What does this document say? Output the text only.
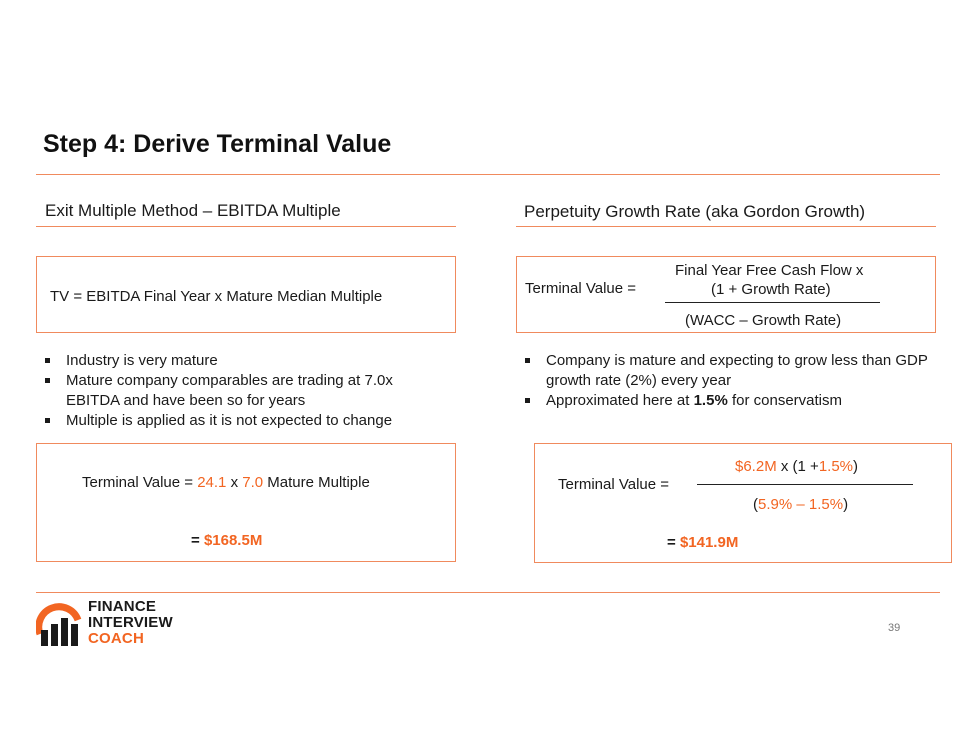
Step 4: Derive Terminal Value
Exit Multiple Method – EBITDA Multiple
TV = EBITDA Final Year x Mature Median Multiple
Industry is very mature
Mature company comparables are trading at 7.0x EBITDA and have been so for years
Multiple is applied as it is not expected to change
Terminal Value = 24.1 x 7.0 Mature Multiple
= $168.5M
Perpetuity Growth Rate (aka Gordon Growth)
Terminal Value =
Final Year Free Cash Flow x
(1 + Growth Rate)
(WACC – Growth Rate)
Company is mature and expecting to grow less than GDP growth rate (2%) every year
Approximated here at 1.5% for conservatism
Terminal Value =
$6.2M x (1 +1.5%)
(5.9% – 1.5%)
= $141.9M
FINANCE
INTERVIEW
COACH
39
